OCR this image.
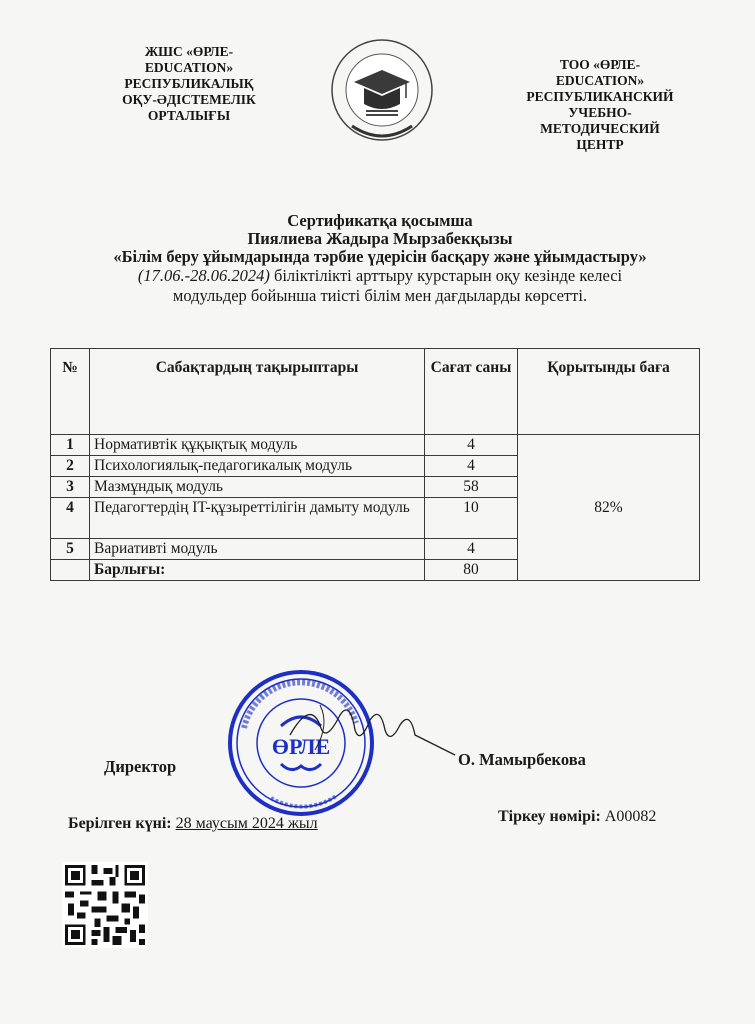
ЖШС «ӨРЛЕ-
EDUCATION»
РЕСПУБЛИКАЛЫҚ
ОҚУ-ӘДІСТЕМЕЛІК
ОРТАЛЫҒЫ
ТОО «ӨРЛЕ-
EDUCATION»
РЕСПУБЛИКАНСКИЙ
УЧЕБНО-
МЕТОДИЧЕСКИЙ
ЦЕНТР
Сертификатқа қосымша
Пиялиева Жадыра Мырзабекқызы
«Білім беру ұйымдарында тәрбие үдерісін басқару және ұйымдастыру»
(17.06.-28.06.2024) біліктілікті арттыру курстарын оқу кезінде келесі
модульдер бойынша тиісті білім мен дағдыларды көрсетті.
№	Сабақтардың тақырыптары	Сағат саны	Қорытынды баға
1	Нормативтік құқықтық модуль	4	82%
2	Психологиялық-педагогикалық модуль	4	
3	Мазмұндық модуль	58	
4	Педагогтердің IT-құзыреттілігін дамыту модуль	10	
5	Вариативті модуль	4	
	Барлығы:	80	
ӨРЛЕ
Директор	О. Мамырбекова
Берілген күні: 28 маусым 2024 жыл	Тіркеу нөмірі: A00082
